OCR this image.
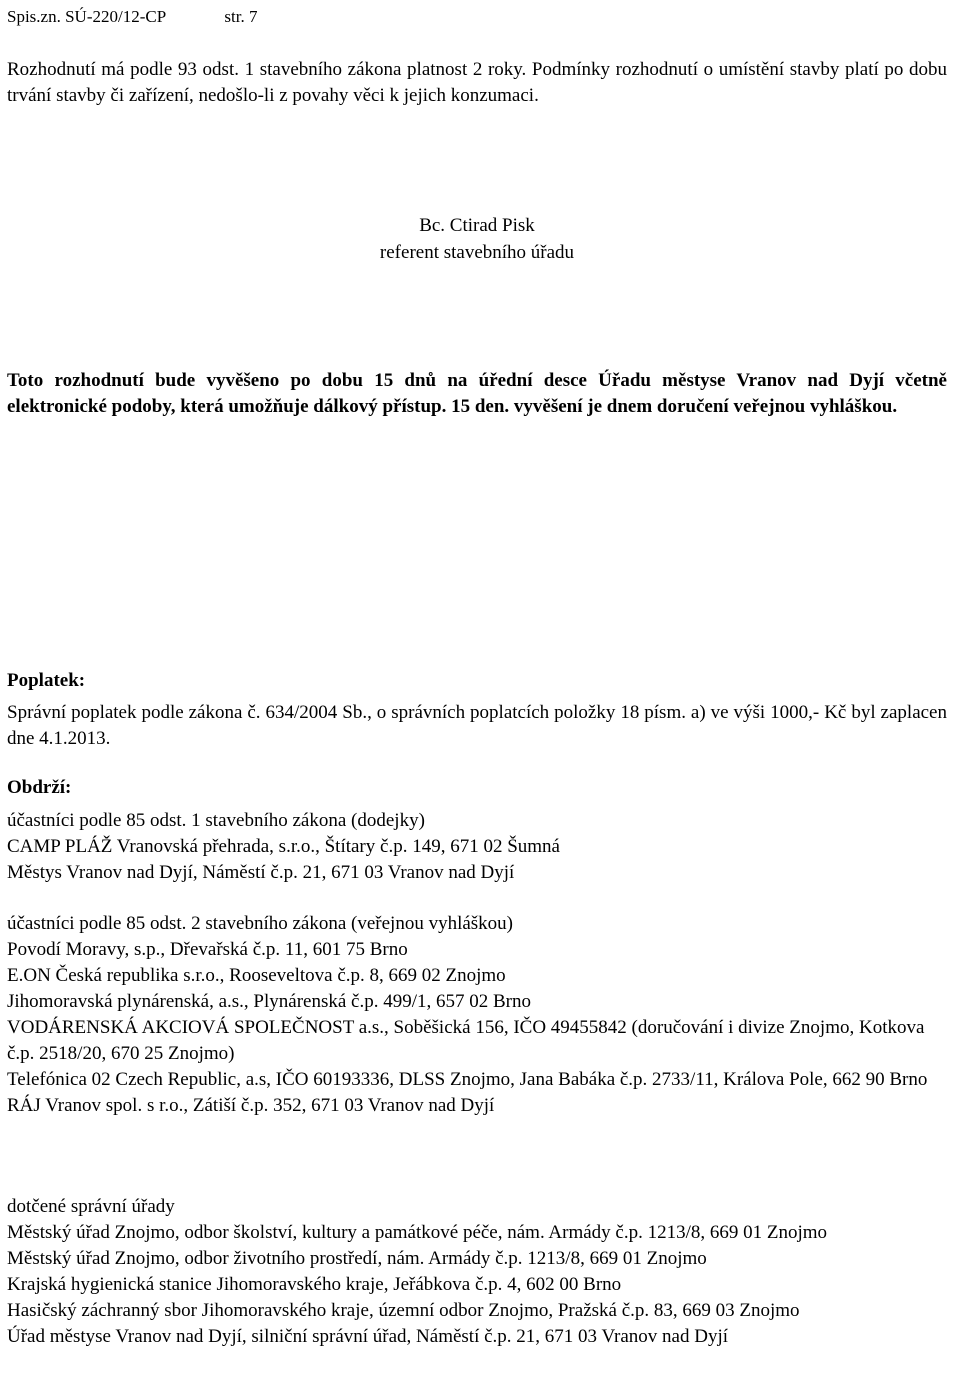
Spis.zn. SÚ-220/12-CP	str. 7
Rozhodnutí má podle 93 odst. 1 stavebního zákona platnost 2 roky. Podmínky rozhodnutí o umístění stavby platí po dobu trvání stavby či zařízení, nedošlo-li z povahy věci k jejich konzumaci.
Bc. Ctirad Pisk
referent stavebního úřadu
Toto rozhodnutí bude vyvěšeno po dobu 15 dnů na úřední desce Úřadu městyse Vranov nad Dyjí včetně elektronické podoby, která umožňuje dálkový přístup. 15 den. vyvěšení je dnem doručení veřejnou vyhláškou.
Poplatek:
Správní poplatek podle zákona č. 634/2004 Sb., o správních poplatcích položky 18 písm. a) ve výši 1000,- Kč byl zaplacen dne 4.1.2013.
Obdrží:
účastníci podle 85 odst. 1 stavebního zákona (dodejky)
CAMP PLÁŽ Vranovská přehrada, s.r.o., Štítary č.p. 149, 671 02 Šumná
Městys Vranov nad Dyjí, Náměstí č.p. 21, 671 03 Vranov nad Dyjí
účastníci podle 85 odst. 2 stavebního zákona (veřejnou vyhláškou)
Povodí Moravy, s.p., Dřevařská č.p. 11, 601 75 Brno
E.ON Česká republika s.r.o., Rooseveltova č.p. 8, 669 02 Znojmo
Jihomoravská plynárenská, a.s., Plynárenská č.p. 499/1, 657 02 Brno
VODÁRENSKÁ AKCIOVÁ SPOLEČNOST a.s., Soběšická 156, IČO 49455842 (doručování i divize Znojmo, Kotkova č.p. 2518/20, 670 25 Znojmo)
Telefónica 02 Czech Republic, a.s, IČO 60193336, DLSS Znojmo, Jana Babáka č.p. 2733/11, Králova Pole, 662 90 Brno
RÁJ Vranov spol. s r.o., Zátiší č.p. 352, 671 03 Vranov nad Dyjí
dotčené správní úřady
Městský úřad Znojmo, odbor školství, kultury a památkové péče, nám. Armády č.p. 1213/8, 669 01 Znojmo
Městský úřad Znojmo, odbor životního prostředí, nám. Armády č.p. 1213/8, 669 01 Znojmo
Krajská hygienická stanice Jihomoravského kraje, Jeřábkova č.p. 4, 602 00 Brno
Hasičský záchranný sbor Jihomoravského kraje, územní odbor Znojmo, Pražská č.p. 83, 669 03 Znojmo
Úřad městyse Vranov nad Dyjí, silniční správní úřad, Náměstí č.p. 21, 671 03 Vranov nad Dyjí
